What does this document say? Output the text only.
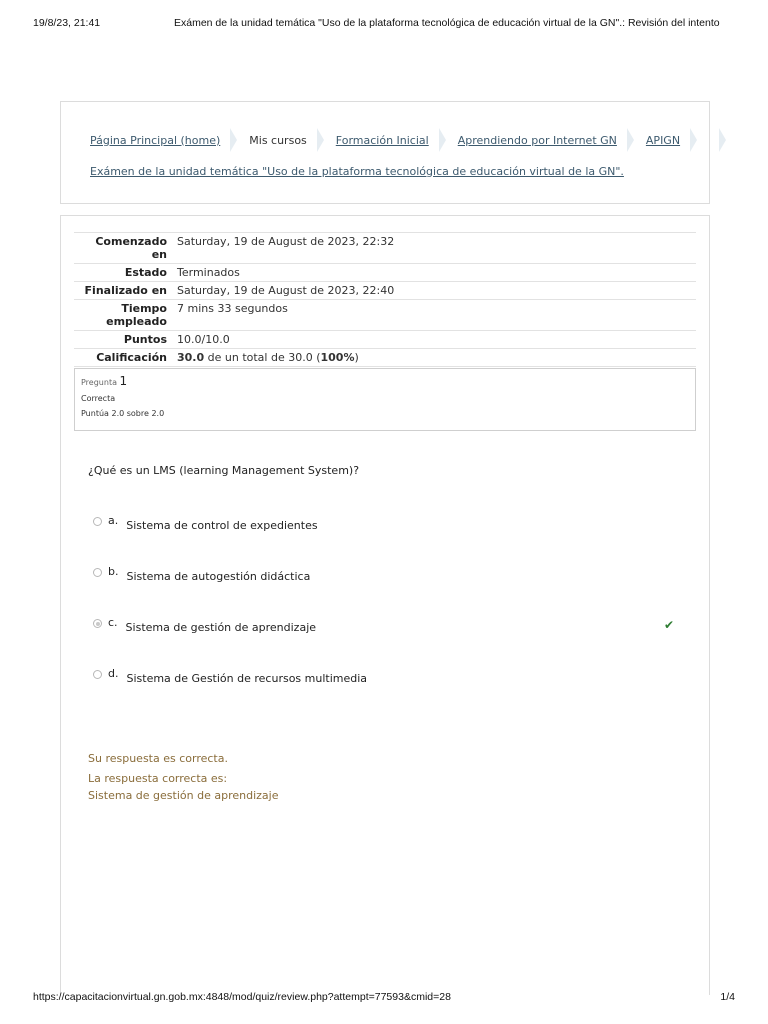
19/8/23, 21:41	Exámen de la unidad temática "Uso de la plataforma tecnológica de educación virtual de la GN".: Revisión del intento
Página Principal (home)	Mis cursos	Formación Inicial	Aprendiendo por Internet GN	APIGN
Exámen de la unidad temática "Uso de la plataforma tecnológica de educación virtual de la GN".
Comenzado en	Saturday, 19 de August de 2023, 22:32
Estado	Terminados
Finalizado en	Saturday, 19 de August de 2023, 22:40
Tiempo empleado	7 mins 33 segundos
Puntos	10.0/10.0
Calificación	30.0 de un total de 30.0 (100%)
Pregunta 1
Correcta
Puntúa 2.0 sobre 2.0
¿Qué es un LMS (learning Management System)?
a. Sistema de control de expedientes
b. Sistema de autogestión didáctica
c. Sistema de gestión de aprendizaje	✔
d. Sistema de Gestión de recursos multimedia
Su respuesta es correcta.
La respuesta correcta es:
Sistema de gestión de aprendizaje
https://capacitacionvirtual.gn.gob.mx:4848/mod/quiz/review.php?attempt=77593&cmid=28	1/4
